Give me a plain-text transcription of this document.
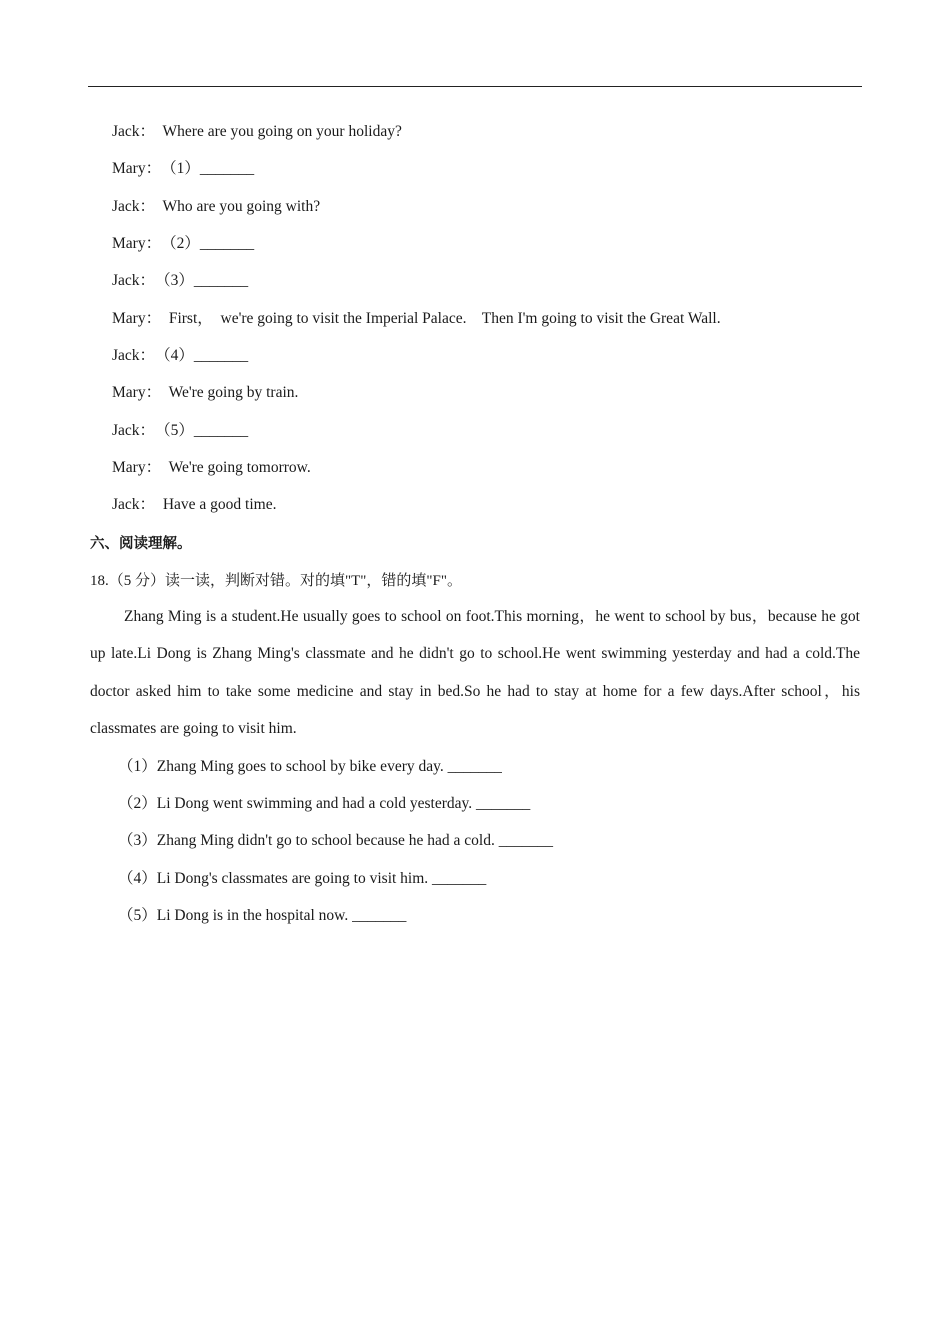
Jack：  Where are you going on your holiday?
Mary：（1）_______
Jack：  Who are you going with?
Mary：（2）_______
Jack：（3）_______
Mary：  First，  we're going to visit the Imperial Palace.    Then I'm going to visit the Great Wall.
Jack：（4）_______
Mary：  We're going by train.
Jack：（5）_______
Mary：  We're going tomorrow.
Jack：  Have a good time.
六、阅读理解。
18.（5 分）读一读，判断对错。对的填"T"，错的填"F"。
Zhang Ming is a student.He usually goes to school on foot.This morning，he went to school by bus，because he got up late.Li Dong is Zhang Ming's classmate and he didn't go to school.He went swimming yesterday and had a cold.The doctor asked him to take some medicine and stay in bed.So he had to stay at home for a few days.After school，his classmates are going to visit him.
（1）Zhang Ming goes to school by bike every day. _______
（2）Li Dong went swimming and had a cold yesterday. _______
（3）Zhang Ming didn't go to school because he had a cold. _______
（4）Li Dong's classmates are going to visit him. _______
（5）Li Dong is in the hospital now. _______
